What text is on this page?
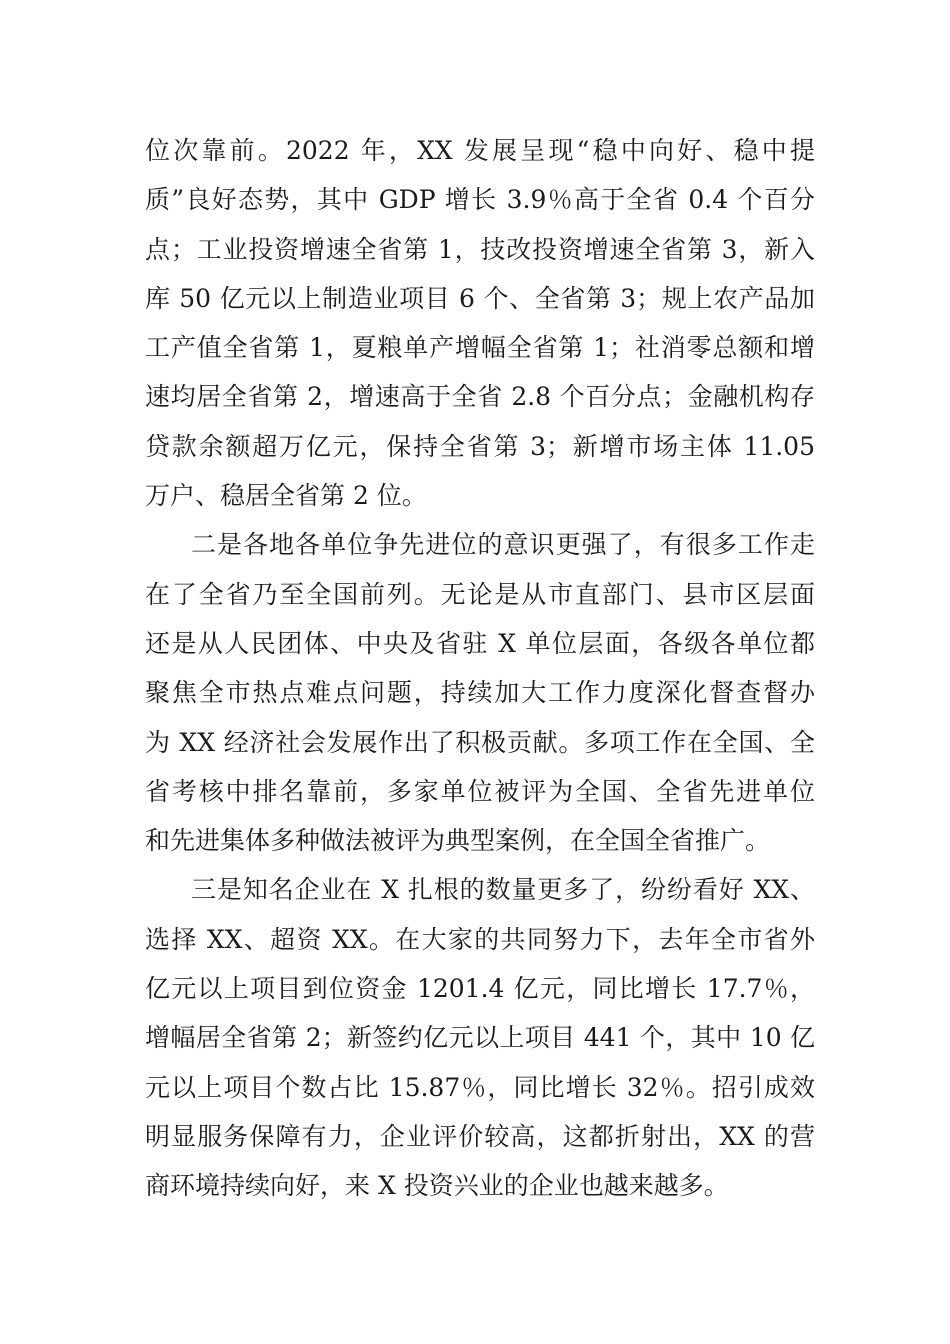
位次靠前。2022 年，XX 发展呈现“稳中向好、稳中提
质”良好态势，其中 GDP 增长 3.9％高于全省 0.4 个百分
点；工业投资增速全省第 1，技改投资增速全省第 3，新入
库 50 亿元以上制造业项目 6 个、全省第 3；规上农产品加
工产值全省第 1，夏粮单产增幅全省第 1；社消零总额和增
速均居全省第 2，增速高于全省 2.8 个百分点；金融机构存
贷款余额超万亿元，保持全省第 3；新增市场主体 11.05
万户、稳居全省第 2 位。
二是各地各单位争先进位的意识更强了，有很多工作走
在了全省乃至全国前列。无论是从市直部门、县市区层面
还是从人民团体、中央及省驻 X 单位层面，各级各单位都
聚焦全市热点难点问题，持续加大工作力度深化督查督办
为 XX 经济社会发展作出了积极贡献。多项工作在全国、全
省考核中排名靠前，多家单位被评为全国、全省先进单位
和先进集体多种做法被评为典型案例，在全国全省推广。
三是知名企业在 X 扎根的数量更多了，纷纷看好 XX、
选择 XX、超资 XX。在大家的共同努力下，去年全市省外
亿元以上项目到位资金 1201.4 亿元，同比增长 17.7％，
增幅居全省第 2；新签约亿元以上项目 441 个，其中 10 亿
元以上项目个数占比 15.87％，同比增长 32％。招引成效
明显服务保障有力，企业评价较高，这都折射出，XX 的营
商环境持续向好，来 X 投资兴业的企业也越来越多。
